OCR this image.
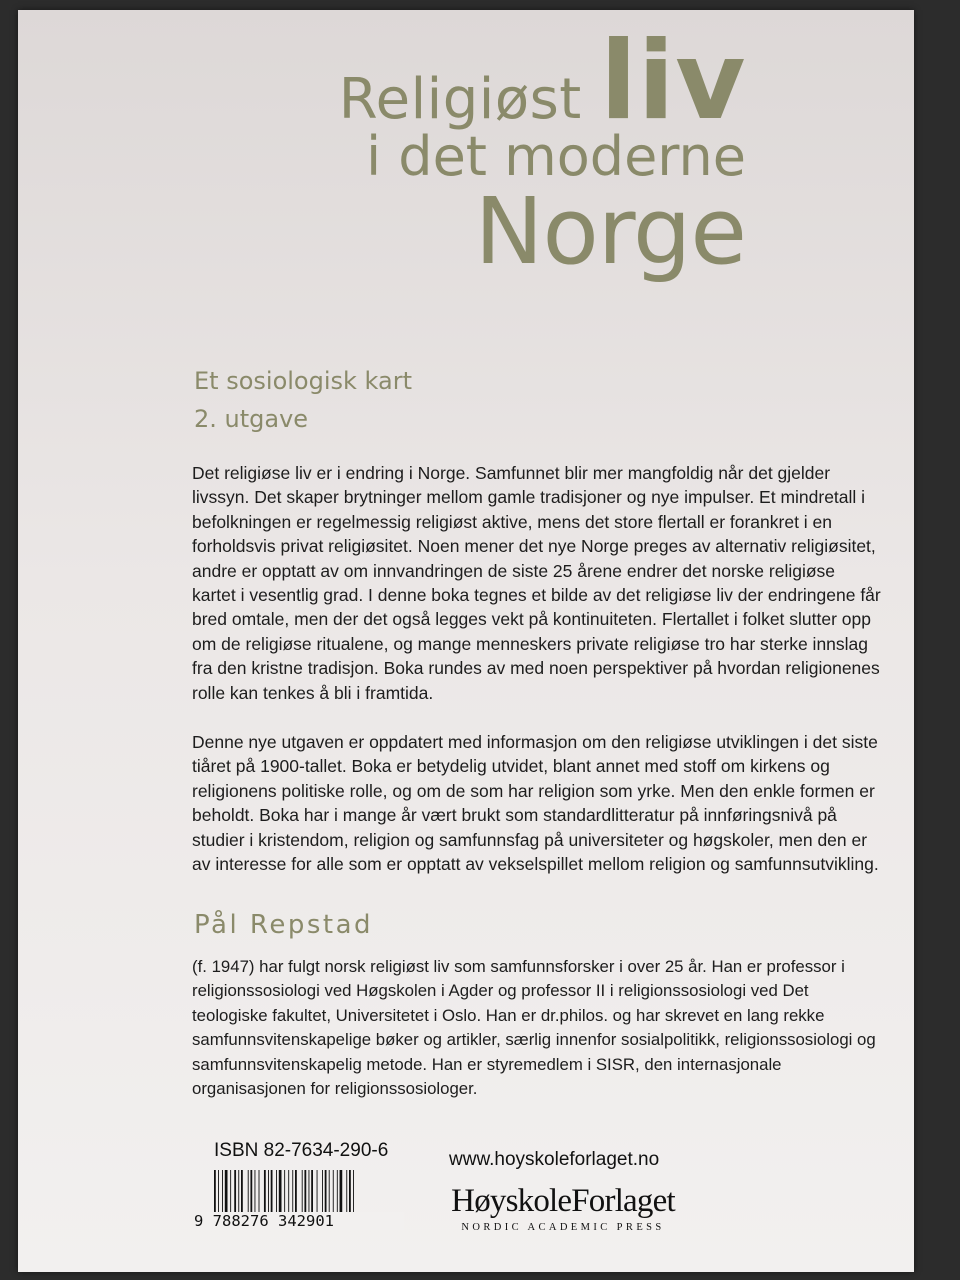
Religiøst liv
i det moderne
Norge
Et sosiologisk kart
2. utgave
Det religiøse liv er i endring i Norge. Samfunnet blir mer mangfoldig når det gjelder livssyn. Det skaper brytninger mellom gamle tradisjoner og nye impulser. Et mindretall i befolkningen er regelmessig religiøst aktive, mens det store flertall er forankret i en forholdsvis privat religiøsitet. Noen mener det nye Norge preges av alternativ religiøsitet, andre er opptatt av om innvandringen de siste 25 årene endrer det norske religiøse kartet i vesentlig grad. I denne boka tegnes et bilde av det religiøse liv der endringene får bred omtale, men der det også legges vekt på kontinuiteten. Flertallet i folket slutter opp om de religiøse ritualene, og mange menneskers private religiøse tro har sterke innslag fra den kristne tradisjon. Boka rundes av med noen perspektiver på hvordan religionenes rolle kan tenkes å bli i framtida.
Denne nye utgaven er oppdatert med informasjon om den religiøse utviklingen i det siste tiåret på 1900-tallet. Boka er betydelig utvidet, blant annet med stoff om kirkens og religionens politiske rolle, og om de som har religion som yrke. Men den enkle formen er beholdt. Boka har i mange år vært brukt som standardlitteratur på innføringsnivå på studier i kristendom, religion og samfunnsfag på universiteter og høgskoler, men den er av interesse for alle som er opptatt av vekselspillet mellom religion og samfunnsutvikling.
Pål Repstad
(f. 1947) har fulgt norsk religiøst liv som samfunnsforsker i over 25 år. Han er professor i religionssosiologi ved Høgskolen i Agder og professor II i religionssosiologi ved Det teologiske fakultet, Universitetet i Oslo. Han er dr.philos. og har skrevet en lang rekke samfunnsvitenskapelige bøker og artikler, særlig innenfor sosialpolitikk, religionssosiologi og samfunnsvitenskapelig metode. Han er styremedlem i SISR, den internasjonale organisasjonen for religionssosiologer.
ISBN 82-7634-290-6
9 788276 342901
www.hoyskoleforlaget.no
HøyskoleForlaget
NORDIC ACADEMIC PRESS
